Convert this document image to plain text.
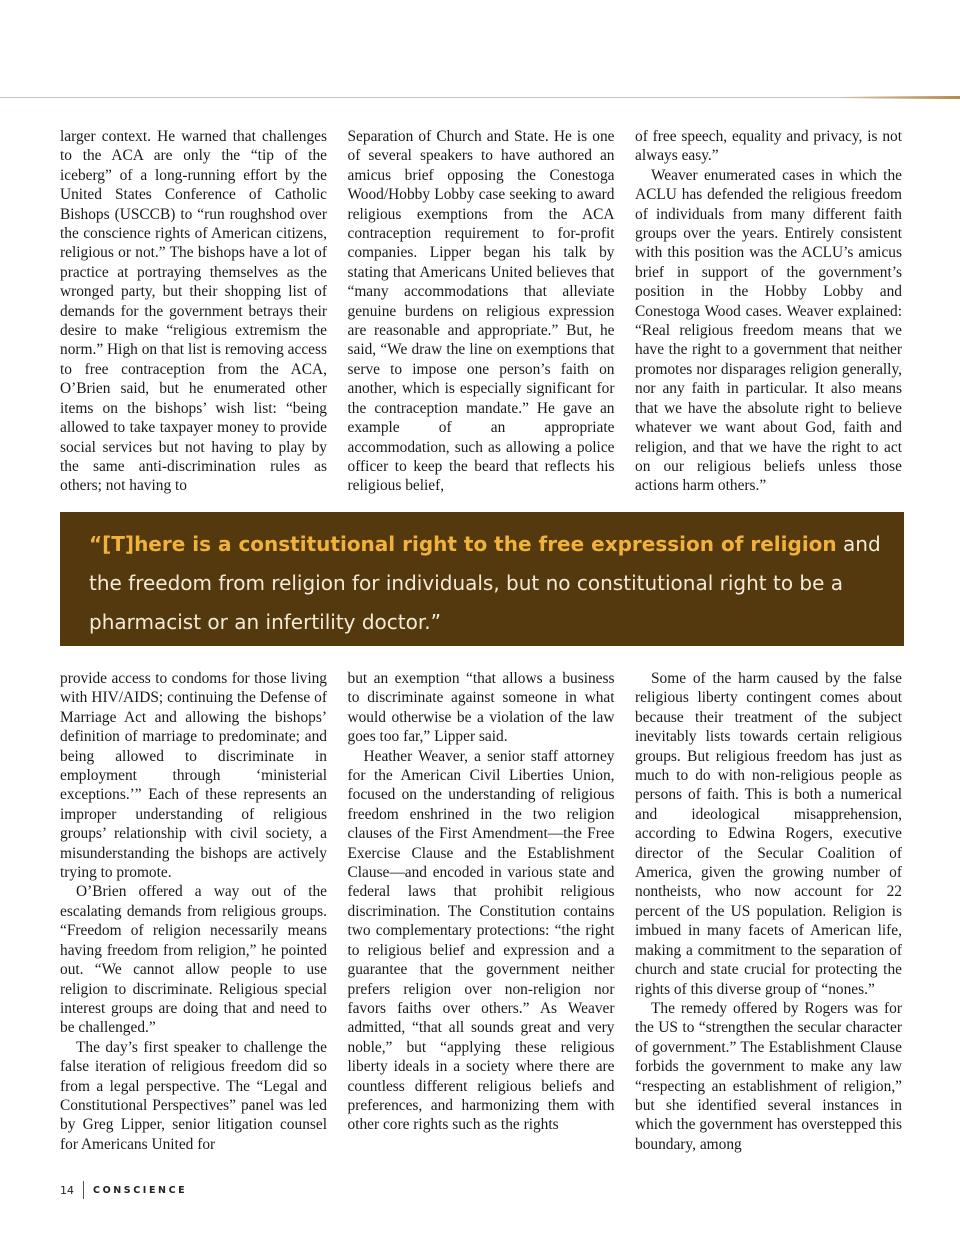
larger context. He warned that challenges to the ACA are only the “tip of the iceberg” of a long-running effort by the United States Conference of Catholic Bishops (USCCB) to “run roughshod over the conscience rights of American citizens, religious or not.” The bishops have a lot of practice at portraying themselves as the wronged party, but their shopping list of demands for the government betrays their desire to make “religious extremism the norm.” High on that list is removing access to free contraception from the ACA, O’Brien said, but he enumerated other items on the bishops’ wish list: “being allowed to take taxpayer money to provide social services but not having to play by the same anti-discrimination rules as others; not having to

Separation of Church and State. He is one of several speakers to have authored an amicus brief opposing the Conestoga Wood/Hobby Lobby case seeking to award religious exemptions from the ACA contraception requirement to for-profit companies. Lipper began his talk by stating that Americans United believes that “many accommodations that alleviate genuine burdens on religious expression are reasonable and appropriate.” But, he said, “We draw the line on exemptions that serve to impose one person’s faith on another, which is especially significant for the contraception mandate.” He gave an example of an appropriate accommodation, such as allowing a police officer to keep the beard that reflects his religious belief,

of free speech, equality and privacy, is not always easy.”

Weaver enumerated cases in which the ACLU has defended the religious freedom of individuals from many different faith groups over the years. Entirely consistent with this position was the ACLU’s amicus brief in support of the government’s position in the Hobby Lobby and Conestoga Wood cases. Weaver explained: “Real religious freedom means that we have the right to a government that neither promotes nor disparages religion generally, nor any faith in particular. It also means that we have the absolute right to believe whatever we want about God, faith and religion, and that we have the right to act on our religious beliefs unless those actions harm others.”

“[T]here is a constitutional right to the free expression of religion and the freedom from religion for individuals, but no constitutional right to be a pharmacist or an infertility doctor.”

provide access to condoms for those living with HIV/AIDS; continuing the Defense of Marriage Act and allowing the bishops’ definition of marriage to predominate; and being allowed to discriminate in employment through ‘ministerial exceptions.’” Each of these represents an improper understanding of religious groups’ relationship with civil society, a misunderstanding the bishops are actively trying to promote.

O’Brien offered a way out of the escalating demands from religious groups. “Freedom of religion necessarily means having freedom from religion,” he pointed out. “We cannot allow people to use religion to discriminate. Religious special interest groups are doing that and need to be challenged.”

The day’s first speaker to challenge the false iteration of religious freedom did so from a legal perspective. The “Legal and Constitutional Perspectives” panel was led by Greg Lipper, senior litigation counsel for Americans United for

but an exemption “that allows a business to discriminate against someone in what would otherwise be a violation of the law goes too far,” Lipper said.

Heather Weaver, a senior staff attorney for the American Civil Liberties Union, focused on the understanding of religious freedom enshrined in the two religion clauses of the First Amendment—the Free Exercise Clause and the Establishment Clause—and encoded in various state and federal laws that prohibit religious discrimination. The Constitution contains two complementary protections: “the right to religious belief and expression and a guarantee that the government neither prefers religion over non-religion nor favors faiths over others.” As Weaver admitted, “that all sounds great and very noble,” but “applying these religious liberty ideals in a society where there are countless different religious beliefs and preferences, and harmonizing them with other core rights such as the rights

Some of the harm caused by the false religious liberty contingent comes about because their treatment of the subject inevitably lists towards certain religious groups. But religious freedom has just as much to do with non-religious people as persons of faith. This is both a numerical and ideological misapprehension, according to Edwina Rogers, executive director of the Secular Coalition of America, given the growing number of nontheists, who now account for 22 percent of the US population. Religion is imbued in many facets of American life, making a commitment to the separation of church and state crucial for protecting the rights of this diverse group of “nones.”

The remedy offered by Rogers was for the US to “strengthen the secular character of government.” The Establishment Clause forbids the government to make any law “respecting an establishment of religion,” but she identified several instances in which the government has overstepped this boundary, among

14	CONSCIENCE
